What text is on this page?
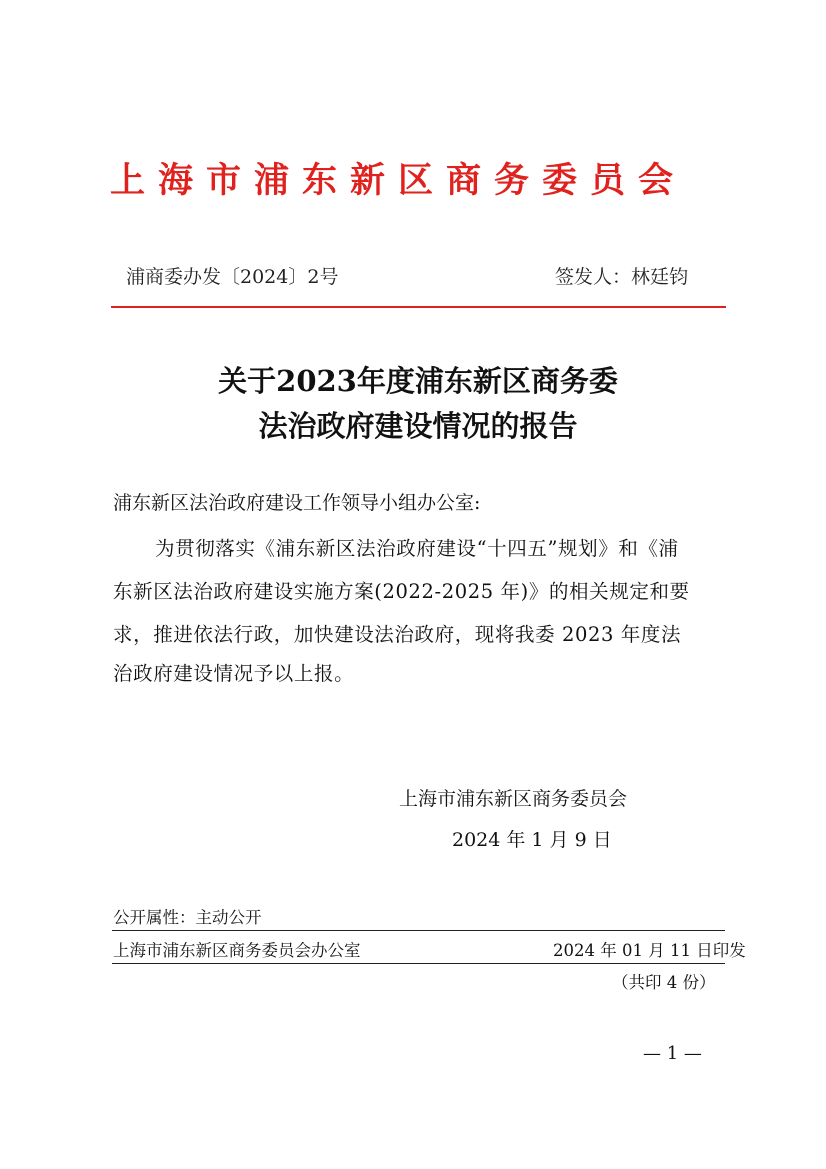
上海市浦东新区商务委员会
浦商委办发〔2024〕2号	签发人：林廷钧
关于2023年度浦东新区商务委
法治政府建设情况的报告
浦东新区法治政府建设工作领导小组办公室:
为贯彻落实《浦东新区法治政府建设“十四五”规划》和《浦
东新区法治政府建设实施方案(2022-2025 年)》的相关规定和要
求，推进依法行政，加快建设法治政府，现将我委 2023 年度法
治政府建设情况予以上报。
上海市浦东新区商务委员会
2024 年 1 月 9 日
公开属性：主动公开
上海市浦东新区商务委员会办公室	2024 年 01 月 11 日印发
（共印 4 份）
— 1 —
